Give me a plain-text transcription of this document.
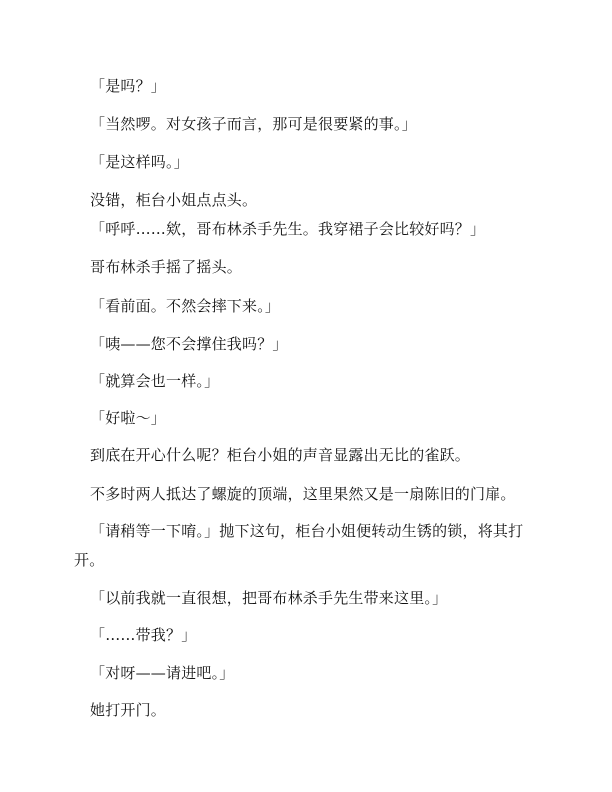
「是吗？」
「当然啰。对女孩子而言，那可是很要紧的事。」
「是这样吗。」
没错，柜台小姐点点头。
「呼呼……欸，哥布林杀手先生。我穿裙子会比较好吗？」
哥布林杀手摇了摇头。
「看前面。不然会摔下来。」
「咦——您不会撑住我吗？」
「就算会也一样。」
「好啦～」
到底在开心什么呢？柜台小姐的声音显露出无比的雀跃。
不多时两人抵达了螺旋的顶端，这里果然又是一扇陈旧的门扉。
「请稍等一下唷。」抛下这句，柜台小姐便转动生锈的锁，将其打
开。
「以前我就一直很想，把哥布林杀手先生带来这里。」
「……带我？」
「对呀——请进吧。」
她打开门。
